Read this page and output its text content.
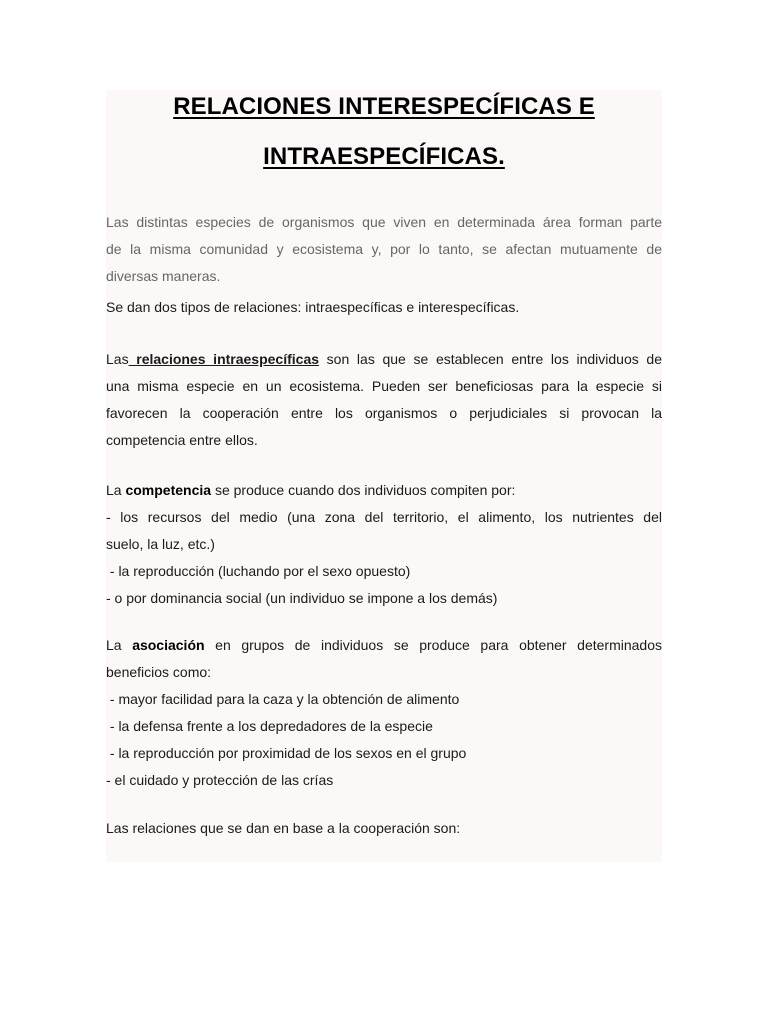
RELACIONES INTERESPECÍFICAS E
INTRAESPECÍFICAS.
Las distintas especies de organismos que viven en determinada área forman parte
de la misma comunidad y ecosistema y, por lo tanto, se afectan mutuamente de
diversas maneras.
Se dan dos tipos de relaciones: intraespecíficas e interespecíficas.
Las relaciones intraespecíficas son las que se establecen entre los individuos de
una misma especie en un ecosistema. Pueden ser beneficiosas para la especie si
favorecen la cooperación entre los organismos o perjudiciales si provocan la
competencia entre ellos.
La competencia se produce cuando dos individuos compiten por:
- los recursos del medio (una zona del territorio, el alimento, los nutrientes del
suelo, la luz, etc.)
- la reproducción (luchando por el sexo opuesto)
- o por dominancia social (un individuo se impone a los demás)
La asociación en grupos de individuos se produce para obtener determinados
beneficios como:
- mayor facilidad para la caza y la obtención de alimento
- la defensa frente a los depredadores de la especie
- la reproducción por proximidad de los sexos en el grupo
- el cuidado y protección de las crías
Las relaciones que se dan en base a la cooperación son:
